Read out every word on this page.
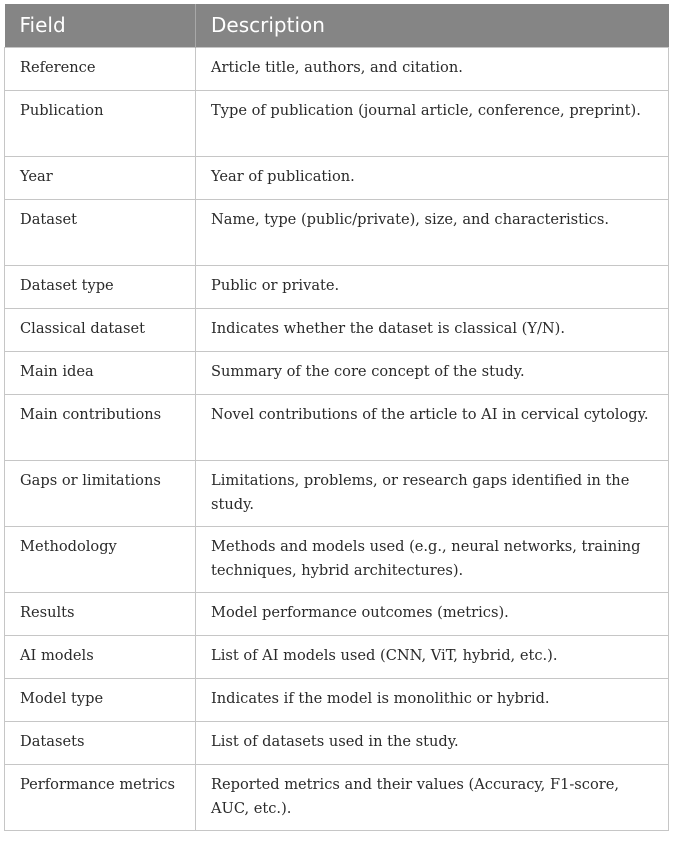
Field	Description
Reference	Article title, authors, and citation.
Publication	Type of publication (journal article, conference, preprint).
Year	Year of publication.
Dataset	Name, type (public/private), size, and characteristics.
Dataset type	Public or private.
Classical dataset	Indicates whether the dataset is classical (Y/N).
Main idea	Summary of the core concept of the study.
Main contributions	Novel contributions of the article to AI in cervical cytology.
Gaps or limitations	Limitations, problems, or research gaps identified in the study.
Methodology	Methods and models used (e.g., neural networks, training techniques, hybrid architectures).
Results	Model performance outcomes (metrics).
AI models	List of AI models used (CNN, ViT, hybrid, etc.).
Model type	Indicates if the model is monolithic or hybrid.
Datasets	List of datasets used in the study.
Performance metrics	Reported metrics and their values (Accuracy, F1-score, AUC, etc.).
